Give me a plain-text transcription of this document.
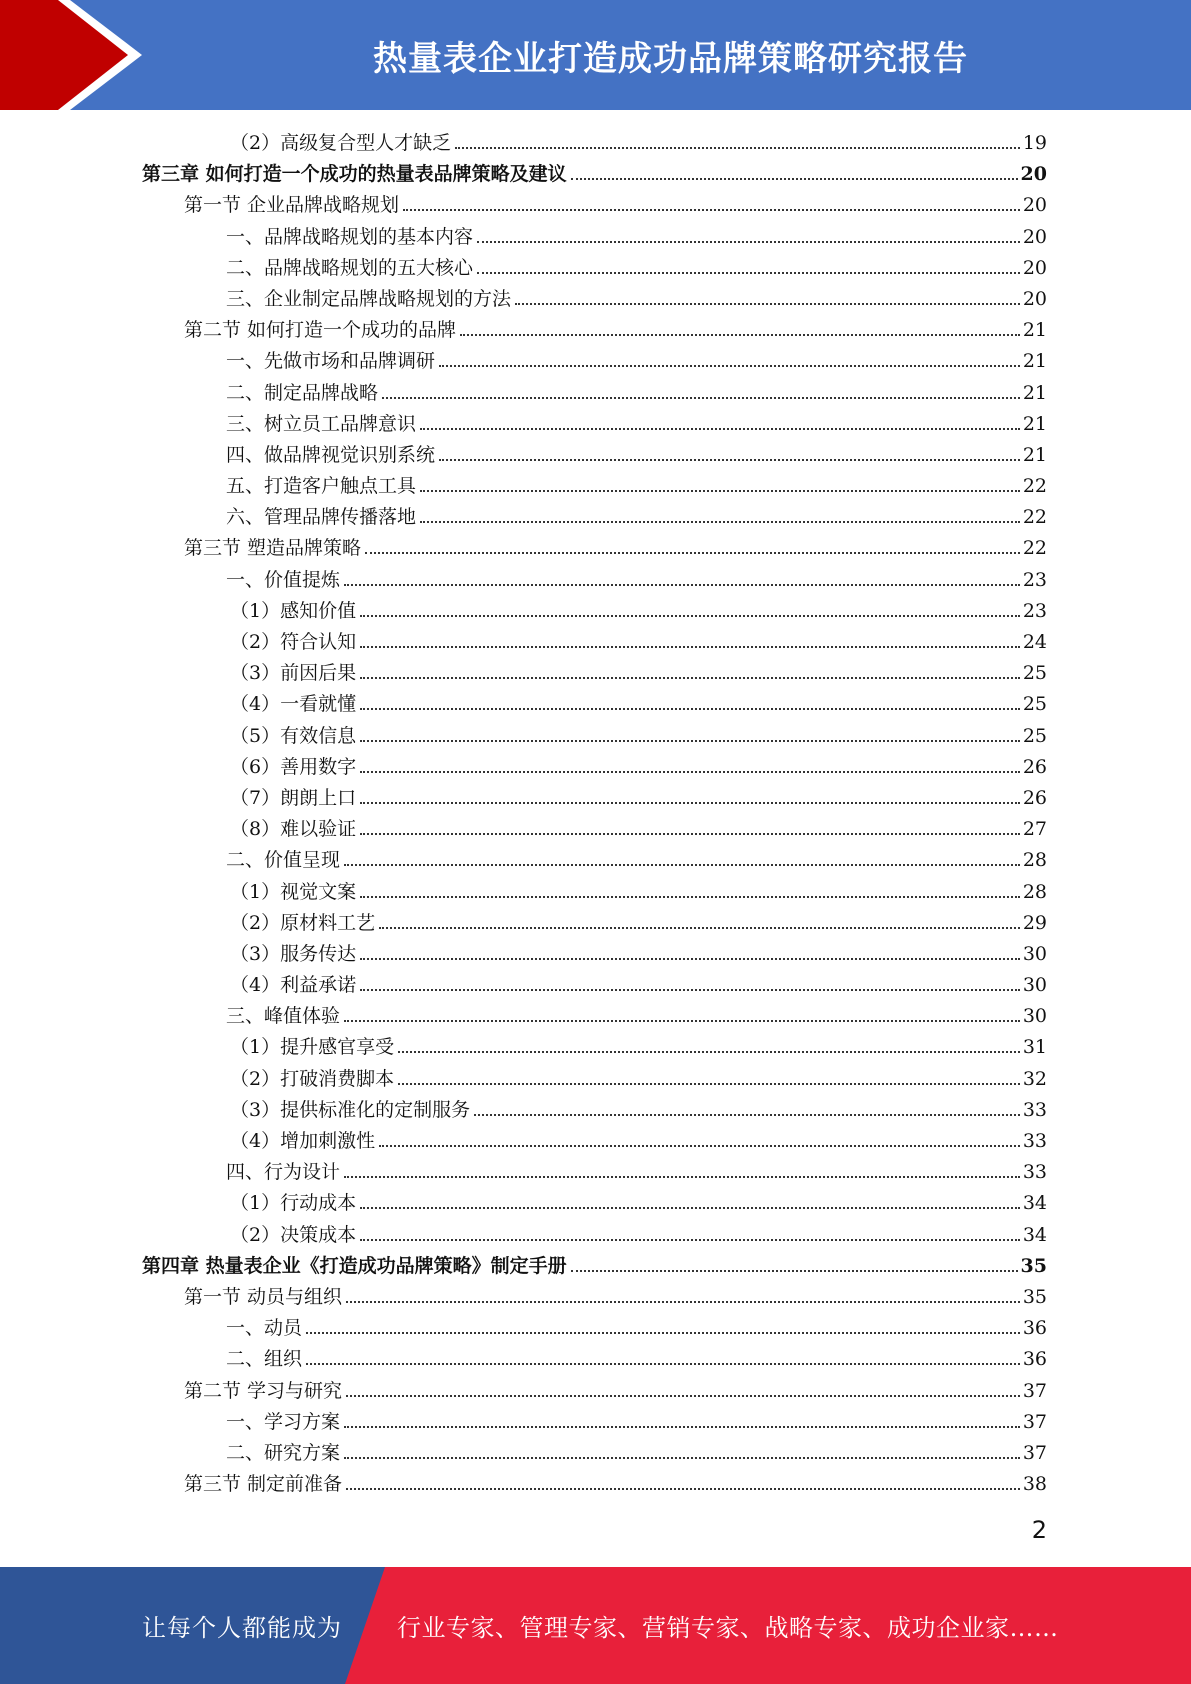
热量表企业打造成功品牌策略研究报告
（2）高级复合型人才缺乏	19
第三章 如何打造一个成功的热量表品牌策略及建议	20
第一节 企业品牌战略规划	20
一、品牌战略规划的基本内容	20
二、品牌战略规划的五大核心	20
三、企业制定品牌战略规划的方法	20
第二节 如何打造一个成功的品牌	21
一、先做市场和品牌调研	21
二、制定品牌战略	21
三、树立员工品牌意识	21
四、做品牌视觉识别系统	21
五、打造客户触点工具	22
六、管理品牌传播落地	22
第三节 塑造品牌策略	22
一、价值提炼	23
（1）感知价值	23
（2）符合认知	24
（3）前因后果	25
（4）一看就懂	25
（5）有效信息	25
（6）善用数字	26
（7）朗朗上口	26
（8）难以验证	27
二、价值呈现	28
（1）视觉文案	28
（2）原材料工艺	29
（3）服务传达	30
（4）利益承诺	30
三、峰值体验	30
（1）提升感官享受	31
（2）打破消费脚本	32
（3）提供标准化的定制服务	33
（4）增加刺激性	33
四、行为设计	33
（1）行动成本	34
（2）决策成本	34
第四章 热量表企业《打造成功品牌策略》制定手册	35
第一节 动员与组织	35
一、动员	36
二、组织	36
第二节 学习与研究	37
一、学习方案	37
二、研究方案	37
第三节 制定前准备	38
2
让每个人都能成为 行业专家、管理专家、营销专家、战略专家、成功企业家……
